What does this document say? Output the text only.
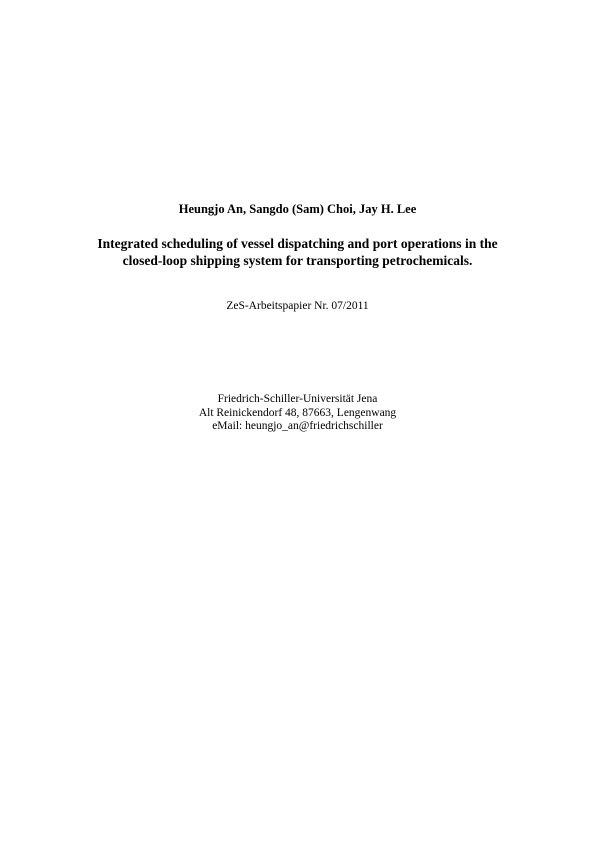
Heungjo An, Sangdo (Sam) Choi, Jay H. Lee

Integrated scheduling of vessel dispatching and port operations in the
closed-loop shipping system for transporting petrochemicals.

ZeS-Arbeitspapier Nr. 07/2011

Friedrich-Schiller-Universität Jena
Alt Reinickendorf 48, 87663, Lengenwang
eMail: heungjo_an@friedrichschiller
